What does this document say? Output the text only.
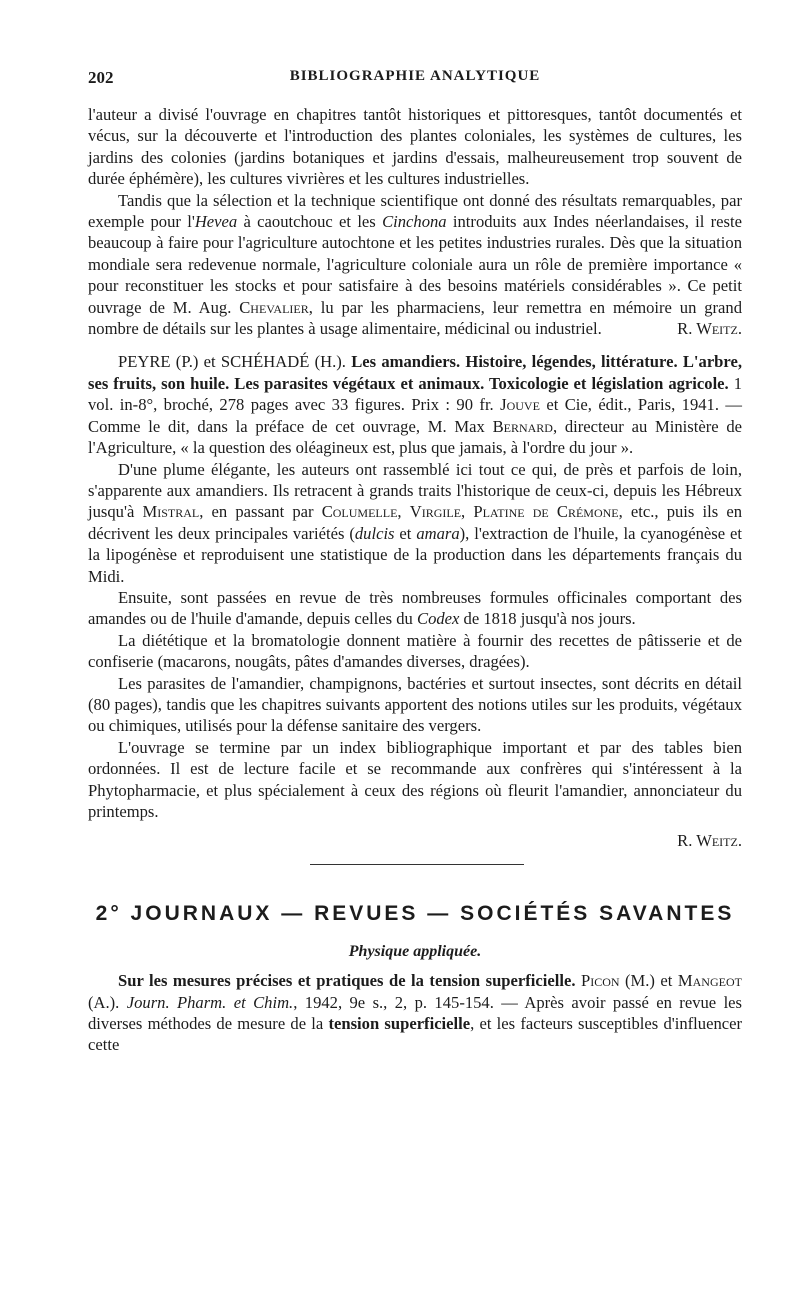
202	BIBLIOGRAPHIE ANALYTIQUE

l'auteur a divisé l'ouvrage en chapitres tantôt historiques et pittoresques, tantôt documentés et vécus, sur la découverte et l'introduction des plantes coloniales, les systèmes de cultures, les jardins des colonies (jardins botaniques et jardins d'essais, malheureusement trop souvent de durée éphémère), les cultures vivrières et les cultures industrielles.

Tandis que la sélection et la technique scientifique ont donné des résultats remarquables, par exemple pour l'Hevea à caoutchouc et les Cinchona introduits aux Indes néerlandaises, il reste beaucoup à faire pour l'agriculture autochtone et les petites industries rurales. Dès que la situation mondiale sera redevenue normale, l'agriculture coloniale aura un rôle de première importance « pour reconstituer les stocks et pour satisfaire à des besoins matériels considérables ». Ce petit ouvrage de M. Aug. Chevalier, lu par les pharmaciens, leur remettra en mémoire un grand nombre de détails sur les plantes à usage alimentaire, médicinal ou industriel.	R. Weitz.

PEYRE (P.) et SCHÉHADÉ (H.). Les amandiers. Histoire, légendes, littérature. L'arbre, ses fruits, son huile. Les parasites végétaux et animaux. Toxicologie et législation agricole. 1 vol. in-8°, broché, 278 pages avec 33 figures. Prix : 90 fr. Jouve et Cie, édit., Paris, 1941. — Comme le dit, dans la préface de cet ouvrage, M. Max Bernard, directeur au Ministère de l'Agriculture, « la question des oléagineux est, plus que jamais, à l'ordre du jour ».

D'une plume élégante, les auteurs ont rassemblé ici tout ce qui, de près et parfois de loin, s'apparente aux amandiers. Ils retracent à grands traits l'historique de ceux-ci, depuis les Hébreux jusqu'à Mistral, en passant par Columelle, Virgile, Platine de Crémone, etc., puis ils en décrivent les deux principales variétés (dulcis et amara), l'extraction de l'huile, la cyanogénèse et la lipogénèse et reproduisent une statistique de la production dans les départements français du Midi.

Ensuite, sont passées en revue de très nombreuses formules officinales comportant des amandes ou de l'huile d'amande, depuis celles du Codex de 1818 jusqu'à nos jours.

La diététique et la bromatologie donnent matière à fournir des recettes de pâtisserie et de confiserie (macarons, nougâts, pâtes d'amandes diverses, dragées).

Les parasites de l'amandier, champignons, bactéries et surtout insectes, sont décrits en détail (80 pages), tandis que les chapitres suivants apportent des notions utiles sur les produits, végétaux ou chimiques, utilisés pour la défense sanitaire des vergers.

L'ouvrage se termine par un index bibliographique important et par des tables bien ordonnées. Il est de lecture facile et se recommande aux confrères qui s'intéressent à la Phytopharmacie, et plus spécialement à ceux des régions où fleurit l'amandier, annonciateur du printemps.

R. Weitz.

2° JOURNAUX — REVUES — SOCIÉTÉS SAVANTES
Physique appliquée.

Sur les mesures précises et pratiques de la tension superficielle. Picon (M.) et Mangeot (A.). Journ. Pharm. et Chim., 1942, 9e s., 2, p. 145-154. — Après avoir passé en revue les diverses méthodes de mesure de la tension superficielle, et les facteurs susceptibles d'influencer cette
